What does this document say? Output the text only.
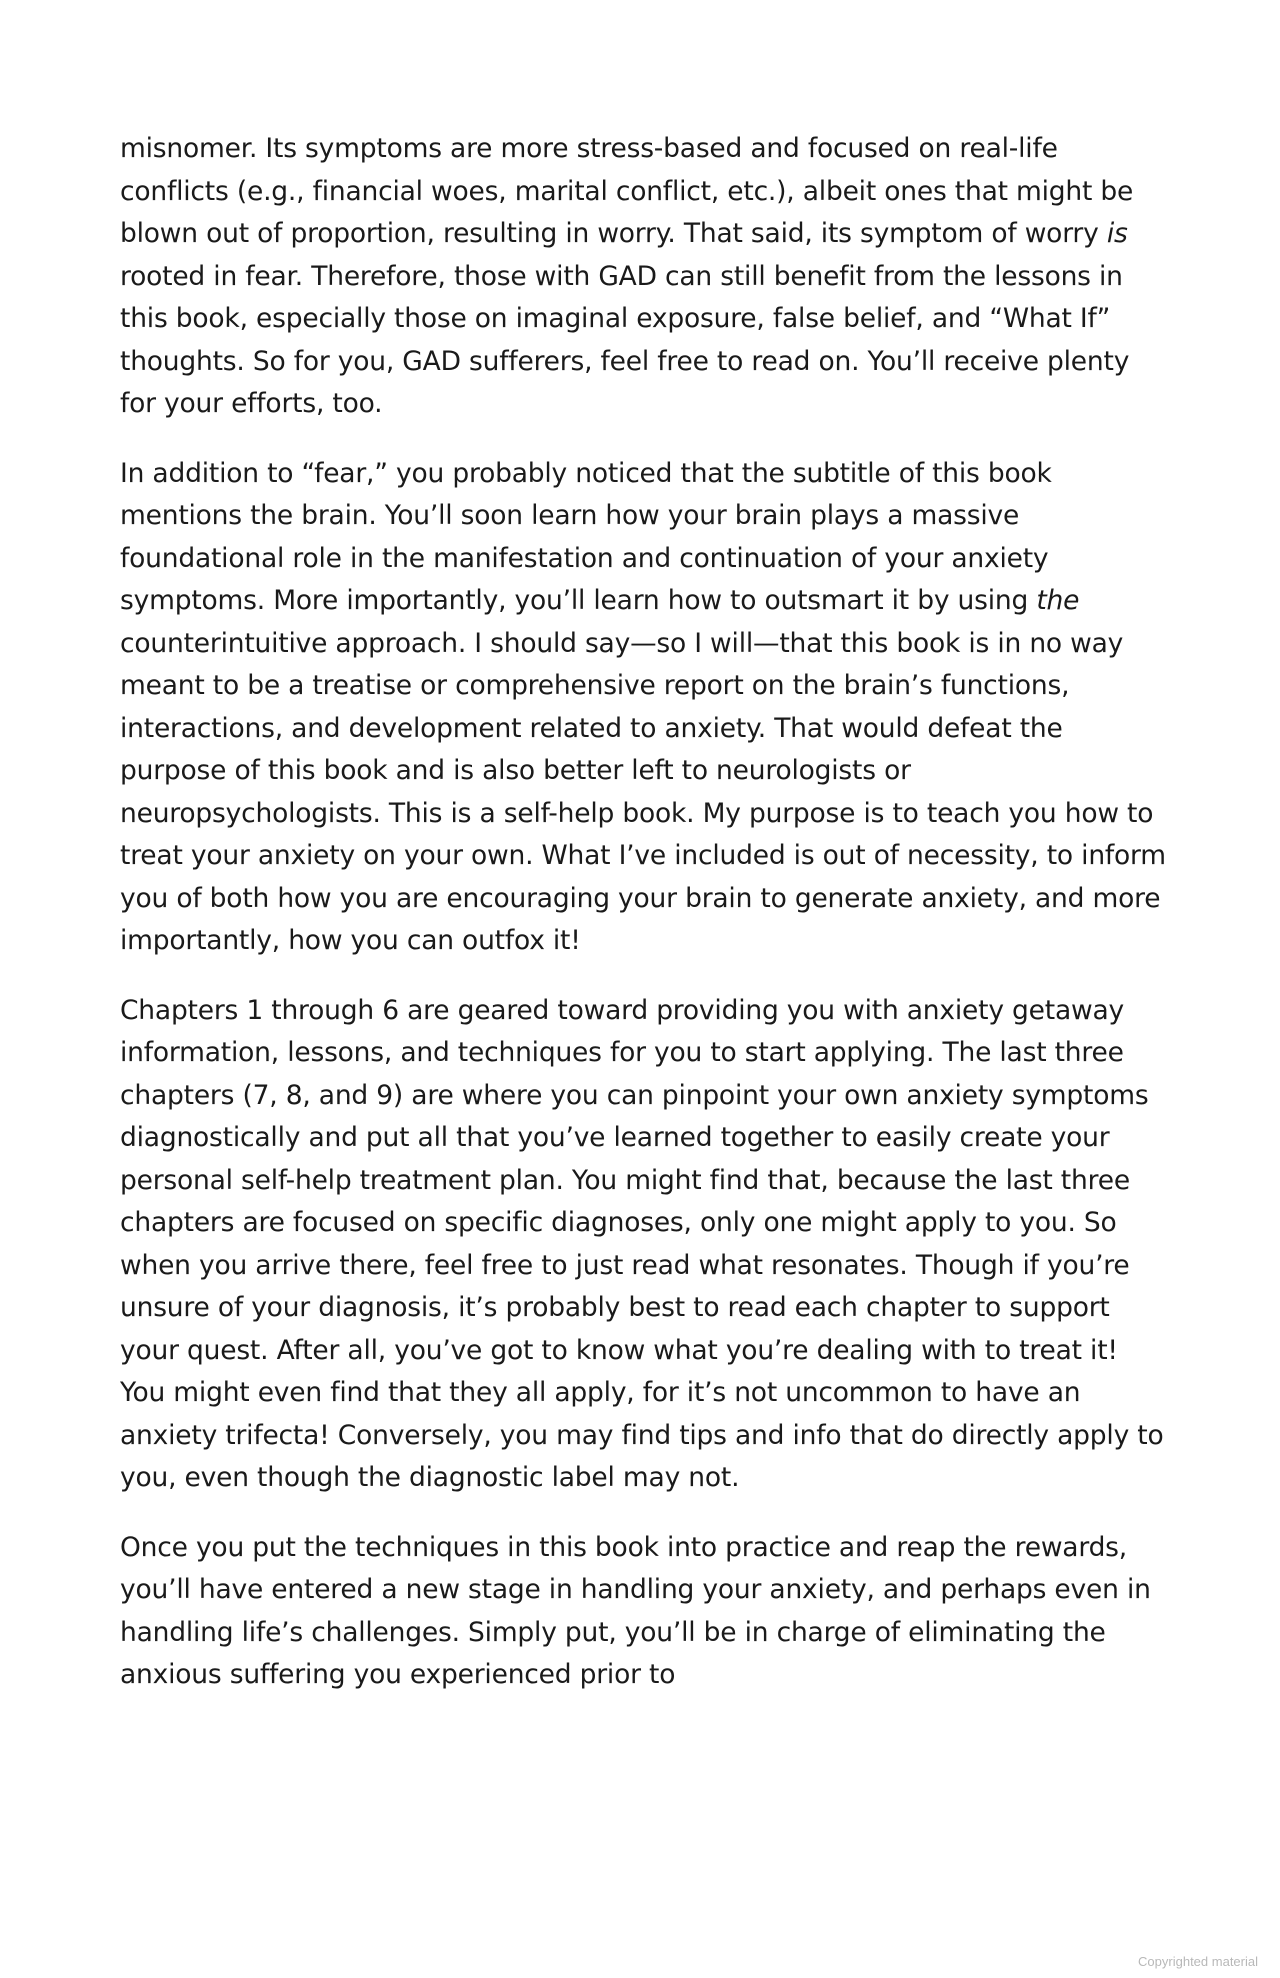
misnomer. Its symptoms are more stress-based and focused on real-life conflicts (e.g., financial woes, marital conflict, etc.), albeit ones that might be blown out of proportion, resulting in worry. That said, its symptom of worry is rooted in fear. Therefore, those with GAD can still benefit from the lessons in this book, especially those on imaginal exposure, false belief, and “What If” thoughts. So for you, GAD sufferers, feel free to read on. You’ll receive plenty for your efforts, too.

In addition to “fear,” you probably noticed that the subtitle of this book mentions the brain. You’ll soon learn how your brain plays a massive foundational role in the manifestation and continuation of your anxiety symptoms. More importantly, you’ll learn how to outsmart it by using the counterintuitive approach. I should say—so I will—that this book is in no way meant to be a treatise or comprehensive report on the brain’s functions, interactions, and development related to anxiety. That would defeat the purpose of this book and is also better left to neurologists or neuropsychologists. This is a self-help book. My purpose is to teach you how to treat your anxiety on your own. What I’ve included is out of necessity, to inform you of both how you are encouraging your brain to generate anxiety, and more importantly, how you can outfox it!

Chapters 1 through 6 are geared toward providing you with anxiety getaway information, lessons, and techniques for you to start applying. The last three chapters (7, 8, and 9) are where you can pinpoint your own anxiety symptoms diagnostically and put all that you’ve learned together to easily create your personal self-help treatment plan. You might find that, because the last three chapters are focused on specific diagnoses, only one might apply to you. So when you arrive there, feel free to just read what resonates. Though if you’re unsure of your diagnosis, it’s probably best to read each chapter to support your quest. After all, you’ve got to know what you’re dealing with to treat it! You might even find that they all apply, for it’s not uncommon to have an anxiety trifecta! Conversely, you may find tips and info that do directly apply to you, even though the diagnostic label may not.

Once you put the techniques in this book into practice and reap the rewards, you’ll have entered a new stage in handling your anxiety, and perhaps even in handling life’s challenges. Simply put, you’ll be in charge of eliminating the anxious suffering you experienced prior to

Copyrighted material
